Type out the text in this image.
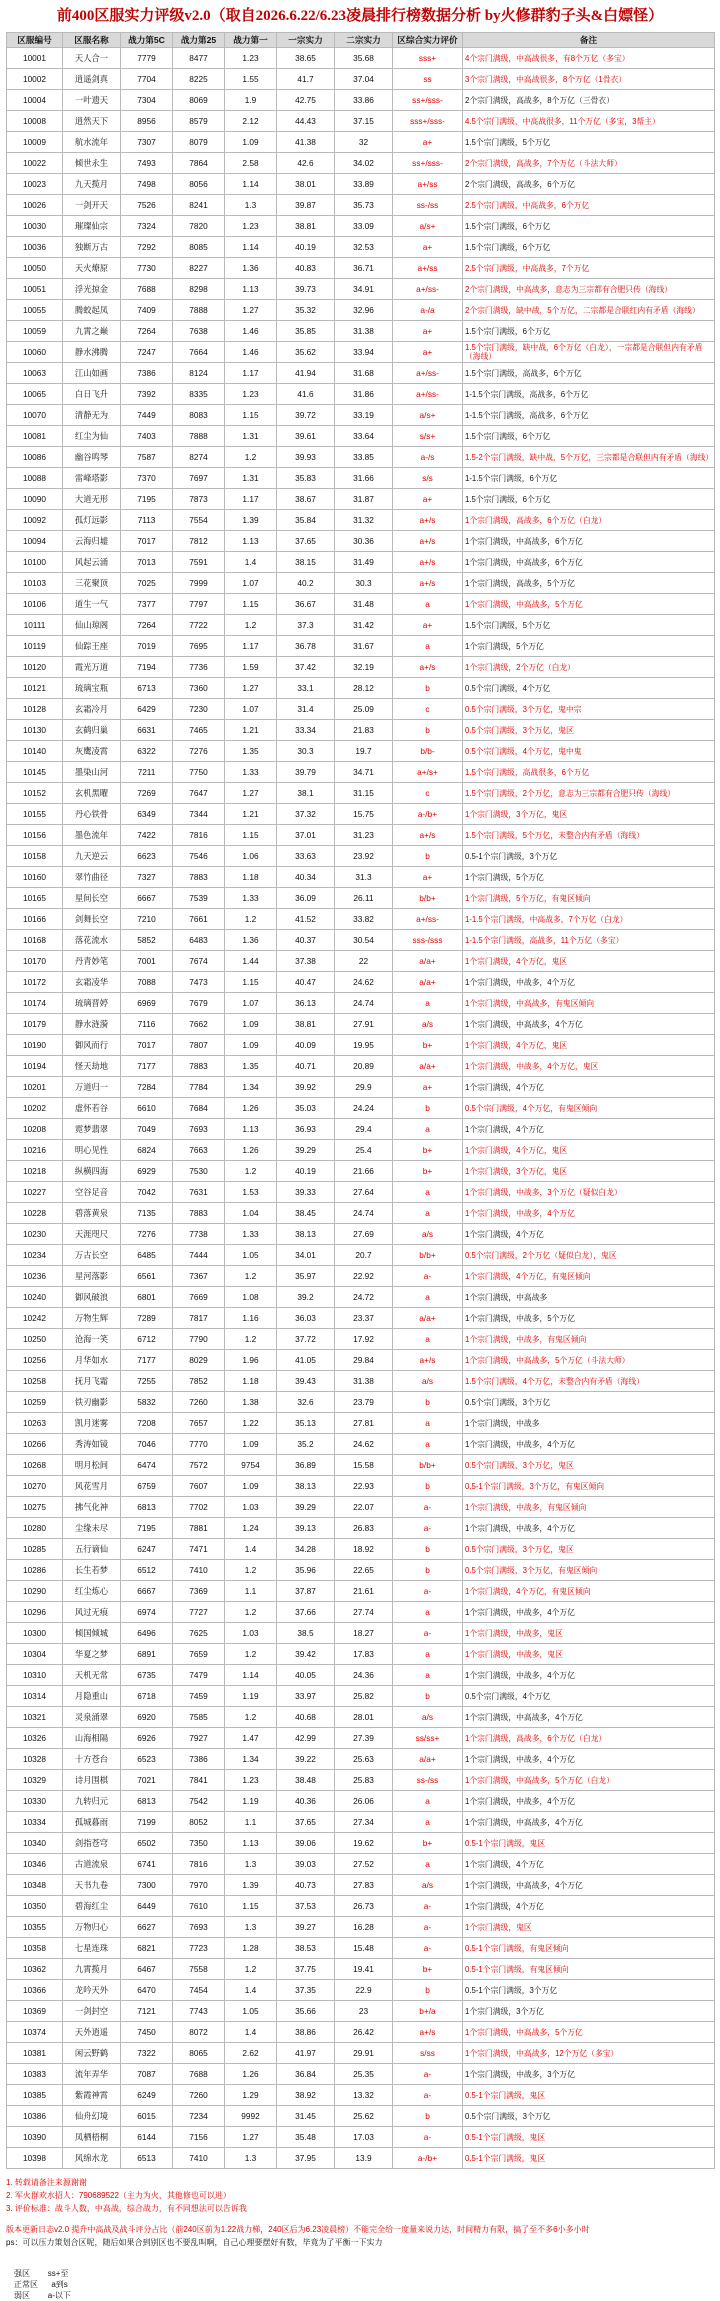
前400区服实力评级v2.0（取自2026.6.22/6.23凌晨排行榜数据分析 by火修群豹子头&白嫖怪）
区服编号	区服名称	战力第5C	战力第25	战力第一	一宗实力	二宗实力	区综合实力评价	备注
10001	天人合一	7779	8477	1.23	38.65	35.68	sss+	4个宗门满级，中高战很多，有8个万亿（多宝）
10002	逍遥剑真	7704	8225	1.55	41.7	37.04	ss	3个宗门满级，中高战很多，8个万亿（1骨衣）
10004	一叶遗天	7304	8069	1.9	42.75	33.86	ss+/sss-	2个宗门满级，高战多，8个万亿（三骨衣）
10008	逍然天下	8956	8579	2.12	44.43	37.15	sss+/sss-	4.5个宗门满级，中高战很多，11个万亿（多宝，3帮主）
10009	航水流年	7307	8079	1.09	41.38	32	a+	1.5个宗门满级，5个万亿
10022	倾世永生	7493	7864	2.58	42.6	34.02	ss+/sss-	2个宗门满级，高战多，7个万亿（斗法大师）
10023	九天揽月	7498	8056	1.14	38.01	33.89	a+/ss	2个宗门满级，高战多，6个万亿
10026	一剑开天	7526	8241	1.3	39.87	35.73	ss-/ss	2.5个宗门满级，中高战多，6个万亿
10030	璀璨仙宗	7324	7820	1.23	38.81	33.09	a/s+	1.5个宗门满级，6个万亿
10036	独断万古	7292	8085	1.14	40.19	32.53	a+	1.5个宗门满级，6个万亿
10050	天火燎原	7730	8227	1.36	40.83	36.71	a+/ss	2.5个宗门满级，中高战多，7个万亿
10051	浮光掠金	7688	8298	1.13	39.73	34.91	a+/ss-	2个宗门满级，中高战多，意志为三宗都有合肥只传（海线）
10055	腾蛟起凤	7409	7888	1.27	35.32	32.96	a-/a	2个宗门满级，缺中战，5个万亿，二宗都是合联红内有矛盾（海线）
10059	九霄之巅	7264	7638	1.46	35.85	31.38	a+	1.5个宗门满级，6个万亿
10060	静水沸腾	7247	7664	1.46	35.62	33.94	a+	1.5个宗门满级，缺中战，6个万亿（白龙），一宗都是合联但内有矛盾（海线）
10063	江山如画	7386	8124	1.17	41.94	31.68	a+/ss-	1.5个宗门满级，高战多，6个万亿
10065	白日飞升	7392	8335	1.23	41.6	31.86	a+/ss-	1-1.5个宗门满级，高战多，6个万亿
10070	清静无为	7449	8083	1.15	39.72	33.19	a/s+	1-1.5个宗门满级，高战多，6个万亿
10081	红尘为仙	7403	7888	1.31	39.61	33.64	s/s+	1.5个宗门满级，6个万亿
10086	幽谷鸣琴	7587	8274	1.2	39.93	33.85	a-/s	1.5-2个宗门满级，缺中战，5个万亿，三宗都是合联但内有矛盾（海线）
10088	雷峰塔影	7370	7697	1.31	35.83	31.66	s/s	1-1.5个宗门满级，6个万亿
10090	大道无形	7195	7873	1.17	38.67	31.87	a+	1.5个宗门满级，6个万亿
10092	孤灯远影	7113	7554	1.39	35.84	31.32	a+/s	1个宗门满级，高战多，6个万亿（白龙）
10094	云海归墟	7017	7812	1.13	37.65	30.36	a+/s	1个宗门满级，中高战多，6个万亿
10100	风起云涌	7013	7591	1.4	38.15	31.49	a+/s	1个宗门满级，中高战多，6个万亿
10103	三花聚顶	7025	7999	1.07	40.2	30.3	a+/s	1个宗门满级，高战多，5个万亿
10106	道生一气	7377	7797	1.15	36.67	31.48	a	1个宗门满级，中高战多，5个万亿
10111	仙山琼阁	7264	7722	1.2	37.3	31.42	a+	1.5个宗门满级，5个万亿
10119	仙踪王座	7019	7695	1.17	36.78	31.67	a	1个宗门满级，5个万亿
10120	霞光万道	7194	7736	1.59	37.42	32.19	a+/s	1个宗门满级，2个万亿（白龙）
10121	琉璃宝瓶	6713	7360	1.27	33.1	28.12	b	0.5个宗门满级，4个万亿
10128	玄霜冷月	6429	7230	1.07	31.4	25.09	c	0.5个宗门满级，3个万亿，鬼中宗
10130	玄鹤归巢	6631	7465	1.21	33.34	21.83	b	0.5个宗门满级，3个万亿，鬼区
10140	灰鹰凌霄	6322	7276	1.35	30.3	19.7	b/b-	0.5个宗门满级，4个万亿，鬼中鬼
10145	墨染山河	7211	7750	1.33	39.79	34.71	a+/s+	1.5个宗门满级，高战很多，6个万亿
10152	玄机黑曜	7269	7647	1.27	38.1	31.15	c	1.5个宗门满级，2个万亿，意志为三宗都有合肥只传（海线）
10155	丹心铁骨	6349	7344	1.21	37.32	15.75	a-/b+	1个宗门满级，3个万亿，鬼区
10156	墨色流年	7422	7816	1.15	37.01	31.23	a+/s	1.5个宗门满级，5个万亿，未整合内有矛盾（海线）
10158	九天逆云	6623	7546	1.06	33.63	23.92	b	0.5-1个宗门满级，3个万亿
10160	翠竹曲径	7327	7883	1.18	40.34	31.3	a+	1个宗门满级，5个万亿
10165	星间长空	6667	7539	1.33	36.09	26.11	b/b+	1个宗门满级，5个万亿，有鬼区倾向
10166	剑舞长空	7210	7661	1.2	41.52	33.82	a+/ss-	1-1.5个宗门满级，中高战多，7个万亿（白龙）
10168	落花流水	5852	6483	1.36	40.37	30.54	sss-/sss	1-1.5个宗门满级，高战多，11个万亿（多宝）
10170	丹青妙笔	7001	7674	1.44	37.38	22	a/a+	1个宗门满级，4个万亿，鬼区
10172	玄霜凌华	7088	7473	1.15	40.47	24.62	a/a+	1个宗门满级，中战多，4个万亿
10174	琉璃晋婷	6969	7679	1.07	36.13	24.74	a	1个宗门满级，中高战多，有鬼区倾向
10179	静水涟漪	7116	7662	1.09	38.81	27.91	a/s	1个宗门满级，中高战多，4个万亿
10190	御风而行	7017	7807	1.09	40.09	19.95	b+	1个宗门满级，4个万亿，鬼区
10194	怪天劫地	7177	7883	1.35	40.71	20.89	a/a+	1个宗门满级，中战多，4个万亿，鬼区
10201	万道归一	7284	7784	1.34	39.92	29.9	a+	1个宗门满级，4个万亿
10202	虚怀若谷	6610	7684	1.26	35.03	24.24	b	0.5个宗门满级，4个万亿，有鬼区倾向
10208	霓梦翡翠	7049	7693	1.13	36.93	29.4	a	1个宗门满级，4个万亿
10216	明心见性	6824	7663	1.26	39.29	25.4	b+	1个宗门满级，4个万亿，鬼区
10218	纵横四海	6929	7530	1.2	40.19	21.66	b+	1个宗门满级，3个万亿，鬼区
10227	空谷足音	7042	7631	1.53	39.33	27.64	a	1个宗门满级，中战多，3个万亿（疑似白龙）
10228	碧落黄泉	7135	7883	1.04	38.45	24.74	a	1个宗门满级，中战多，4个万亿
10230	天涯咫尺	7276	7738	1.33	38.13	27.69	a/s	1个宗门满级，4个万亿
10234	万古长空	6485	7444	1.05	34.01	20.7	b/b+	0.5个宗门满级，2个万亿（疑似白龙），鬼区
10236	星河落影	6561	7367	1.2	35.97	22.92	a-	1个宗门满级，4个万亿，有鬼区倾向
10240	御风破浪	6801	7669	1.08	39.2	24.72	a	1个宗门满级，中高战多
10242	万物生辉	7289	7817	1.16	36.03	23.37	a/a+	1个宗门满级，中战多，5个万亿
10250	沧海一笑	6712	7790	1.2	37.72	17.92	a	1个宗门满级，中战多，有鬼区倾向
10256	月华如水	7177	8029	1.96	41.05	29.84	a+/s	1个宗门满级，中高战多，5个万亿（斗法大师）
10258	抚月飞霜	7255	7852	1.18	39.43	31.38	a/s	1.5个宗门满级，4个万亿，未整合内有矛盾（海线）
10259	铁刃幽影	5832	7260	1.38	32.6	23.79	b	0.5个宗门满级，3个万亿
10263	凯月迷雾	7208	7657	1.22	35.13	27.81	a	1个宗门满级，中战多
10266	秀涛如镜	7046	7770	1.09	35.2	24.62	a	1个宗门满级，中战多，4个万亿
10268	明月松间	6474	7572	9754	36.89	15.58	b/b+	0.5个宗门满级，3个万亿，鬼区
10270	风花雪月	6759	7607	1.09	38.13	22.93	b	0.5-1个宗门满级，3个万亿，有鬼区倾向
10275	拂气化神	6813	7702	1.03	39.29	22.07	a-	1个宗门满级，中战多，有鬼区倾向
10280	尘缘未尽	7195	7881	1.24	39.13	26.83	a-	1个宗门满级，中战多，4个万亿
10285	五行谪仙	6247	7471	1.4	34.28	18.92	b	0.5个宗门满级，3个万亿，鬼区
10286	长生若梦	6512	7410	1.2	35.96	22.65	b	0.5个宗门满级，3个万亿，有鬼区倾向
10290	红尘炼心	6667	7369	1.1	37.87	21.61	a-	1个宗门满级，4个万亿，有鬼区倾向
10296	风过无痕	6974	7727	1.2	37.66	27.74	a	1个宗门满级，中战多，4个万亿
10300	倾国倾城	6496	7625	1.03	38.5	18.27	a-	1个宗门满级，中战多，鬼区
10304	华夏之梦	6891	7659	1.2	39.42	17.83	a	1个宗门满级，中战多，鬼区
10310	天机无常	6735	7479	1.14	40.05	24.36	a	1个宗门满级，中战多，4个万亿
10314	月隐重山	6718	7459	1.19	33.97	25.82	b	0.5个宗门满级，4个万亿
10321	灵泉涌翠	6920	7585	1.2	40.68	28.01	a/s	1个宗门满级，中高战多，4个万亿
10326	山海相隔	6926	7927	1.47	42.99	27.39	ss/ss+	1个宗门满级，高战多，6个万亿（白龙）
10328	十方苍台	6523	7386	1.34	39.22	25.63	a/a+	1个宗门满级，中战多，4个万亿
10329	诗月围棋	7021	7841	1.23	38.48	25.83	ss-/ss	1个宗门满级，中高战多，5个万亿（白龙）
10330	九转归元	6813	7542	1.19	40.36	26.06	a	1个宗门满级，中战多，4个万亿
10334	孤城暮雨	7199	8052	1.1	37.65	27.34	a	1个宗门满级，中高战多，4个万亿
10340	剑指苍穹	6502	7350	1.13	39.06	19.62	b+	0.5-1个宗门满级，鬼区
10346	古道流泉	6741	7816	1.3	39.03	27.52	a	1个宗门满级，4个万亿
10348	天书九卷	7300	7970	1.39	40.73	27.83	a/s	1个宗门满级，中高战多，4个万亿
10350	碧海红尘	6449	7610	1.15	37.53	26.73	a-	1个宗门满级，4个万亿
10355	万物归心	6627	7693	1.3	39.27	16.28	a-	1个宗门满级，鬼区
10358	七星连珠	6821	7723	1.28	38.53	15.48	a-	0.5-1个宗门满级，有鬼区倾向
10362	九霄揽月	6467	7558	1.2	37.75	19.41	b+	0.5-1个宗门满级，有鬼区倾向
10366	龙吟天外	6470	7454	1.4	37.35	22.9	b	0.5-1个宗门满级，3个万亿
10369	一剑封空	7121	7743	1.05	35.66	23	b+/a	1个宗门满级，3个万亿
10374	天外逍遥	7450	8072	1.4	38.86	26.42	a+/s	1个宗门满级，中高战多，5个万亿
10381	闲云野鹤	7322	8065	2.62	41.97	29.91	s/ss	1个宗门满级，中高战多，12个万亿（多宝）
10383	流年弄华	7087	7688	1.26	36.84	25.35	a-	1个宗门满级，中战多，3个万亿
10385	紫霞神霄	6249	7260	1.29	38.92	13.32	a-	0.5-1个宗门满级，鬼区
10386	仙舟幻境	6015	7234	9992	31.45	25.62	b	0.5个宗门满级，3个万亿
10390	凤栖梧桐	6144	7156	1.27	35.48	17.03	a-	0.5-1个宗门满级，鬼区
10398	风绵水龙	6513	7410	1.3	37.95	13.9	a-/b+	0.5-1个宗门满级，鬼区
1. 转载请备注来源谢谢
2. 军火群欢水招人：790689522（主力为火，其他修也可以进）
3. 评价标准：战斗人数，中高战，综合战力，有不同想法可以告诉我
版本更新日志v2.0 提升中高战及战斗评分占比（前240区前为1.22战力梯，240区后为6.23凌晨榜）不能完全给一度量来说力达，时间精力有限，搞了至不多6小多小时
ps：可以压力策划合区呢，随后如果合到别区也不要乱叫啊，自己心理要摆好有数，毕竟为了平衡一下实力
强区        ss+至
正常区      a到s
弱区        a-以下
